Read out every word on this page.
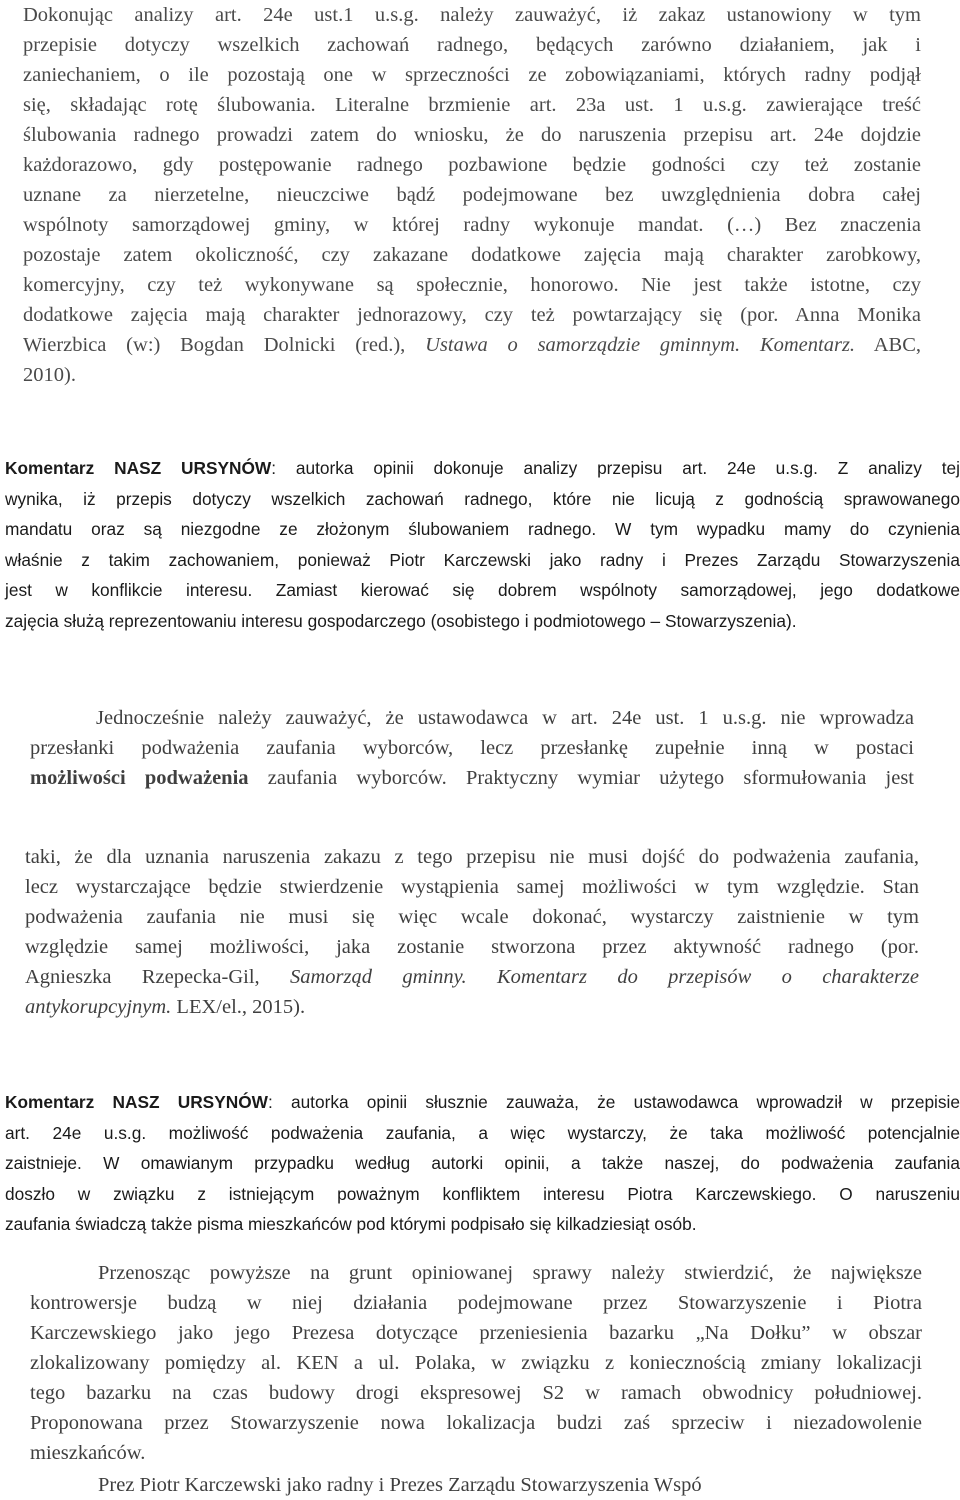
Dokonując analizy art. 24e ust.1 u.s.g. należy zauważyć, iż zakaz ustanowiony w tym
przepisie dotyczy wszelkich zachowań radnego, będących zarówno działaniem, jak i
zaniechaniem, o ile pozostają one w sprzeczności ze zobowiązaniami, których radny podjął
się, składając rotę ślubowania. Literalne brzmienie art. 23a ust. 1 u.s.g. zawierające treść
ślubowania radnego prowadzi zatem do wniosku, że do naruszenia przepisu art. 24e dojdzie
każdorazowo, gdy postępowanie radnego pozbawione będzie godności czy też zostanie
uznane za nierzetelne, nieuczciwe bądź podejmowane bez uwzględnienia dobra całej
wspólnoty samorządowej gminy, w której radny wykonuje mandat. (…) Bez znaczenia
pozostaje zatem okoliczność, czy zakazane dodatkowe zajęcia mają charakter zarobkowy,
komercyjny, czy też wykonywane są społecznie, honorowo. Nie jest także istotne, czy
dodatkowe zajęcia mają charakter jednorazowy, czy też powtarzający się (por. Anna Monika
Wierzbica (w:) Bogdan Dolnicki (red.), Ustawa o samorządzie gminnym. Komentarz. ABC,
2010).
Komentarz NASZ URSYNÓW: autorka opinii dokonuje analizy przepisu art. 24e u.s.g. Z analizy tej
wynika, iż przepis dotyczy wszelkich zachowań radnego, które nie licują z godnością sprawowanego
mandatu oraz są niezgodne ze złożonym ślubowaniem radnego. W tym wypadku mamy do czynienia
właśnie z takim zachowaniem, ponieważ Piotr Karczewski jako radny i Prezes Zarządu Stowarzyszenia
jest w konflikcie interesu. Zamiast kierować się dobrem wspólnoty samorządowej, jego dodatkowe
zajęcia służą reprezentowaniu interesu gospodarczego (osobistego i podmiotowego – Stowarzyszenia).
Jednocześnie należy zauważyć, że ustawodawca w art. 24e ust. 1 u.s.g. nie wprowadza
przesłanki podważenia zaufania wyborców, lecz przesłankę zupełnie inną w postaci
możliwości podważenia zaufania wyborców. Praktyczny wymiar użytego sformułowania jest
taki, że dla uznania naruszenia zakazu z tego przepisu nie musi dojść do podważenia zaufania,
lecz wystarczające będzie stwierdzenie wystąpienia samej możliwości w tym względzie. Stan
podważenia zaufania nie musi się więc wcale dokonać, wystarczy zaistnienie w tym
względzie samej możliwości, jaka zostanie stworzona przez aktywność radnego (por.
Agnieszka Rzepecka-Gil, Samorząd gminny. Komentarz do przepisów o charakterze
antykorupcyjnym. LEX/el., 2015).
Komentarz NASZ URSYNÓW: autorka opinii słusznie zauważa, że ustawodawca wprowadził w przepisie
art. 24e u.s.g. możliwość podważenia zaufania, a więc wystarczy, że taka możliwość potencjalnie
zaistnieje. W omawianym przypadku według autorki opinii, a także naszej, do podważenia zaufania
doszło w związku z istniejącym poważnym konfliktem interesu Piotra Karczewskiego. O naruszeniu
zaufania świadczą także pisma mieszkańców pod którymi podpisało się kilkadziesiąt osób.
Przenosząc powyższe na grunt opiniowanej sprawy należy stwierdzić, że największe
kontrowersje budzą w niej działania podejmowane przez Stowarzyszenie i Piotra
Karczewskiego jako jego Prezesa dotyczące przeniesienia bazarku „Na Dołku” w obszar
zlokalizowany pomiędzy al. KEN a ul. Polaka, w związku z koniecznością zmiany lokalizacji
tego bazarku na czas budowy drogi ekspresowej S2 w ramach obwodnicy południowej.
Proponowana przez Stowarzyszenie nowa lokalizacja budzi zaś sprzeciw i niezadowolenie
mieszkańców.
Prez Piotr Karczewski jako radny i Prezes Zarządu Stowarzyszenia Wspó
